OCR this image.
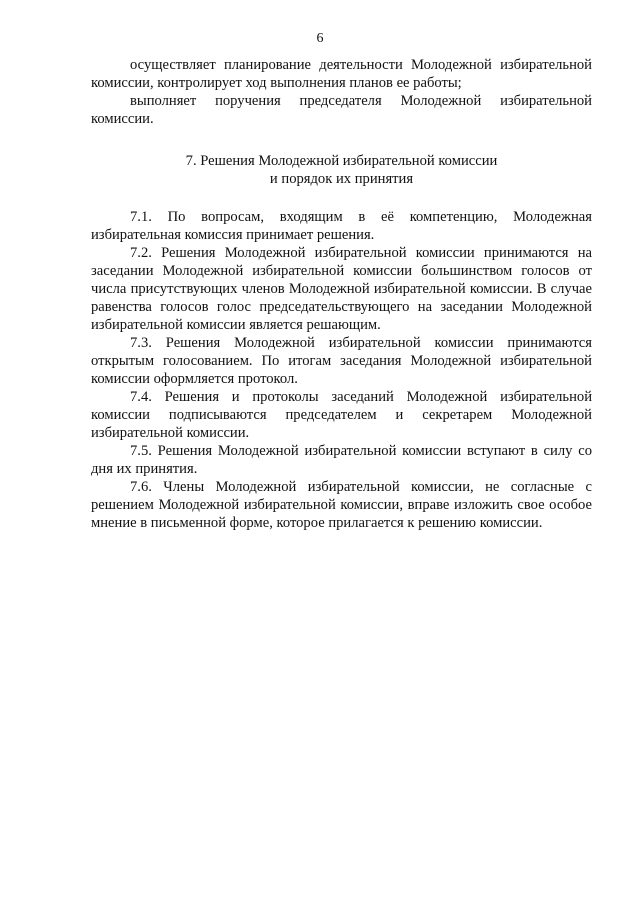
6

осуществляет планирование деятельности Молодежной избирательной комиссии, контролирует ход выполнения планов ее работы;

выполняет поручения председателя Молодежной избирательной комиссии.

7. Решения Молодежной избирательной комиссии
и порядок их принятия

7.1. По вопросам, входящим в её компетенцию, Молодежная избирательная комиссия принимает решения.

7.2. Решения Молодежной избирательной комиссии принимаются на заседании Молодежной избирательной комиссии большинством голосов от числа присутствующих членов Молодежной избирательной комиссии. В случае равенства голосов голос председательствующего на заседании Молодежной избирательной комиссии является решающим.

7.3. Решения Молодежной избирательной комиссии принимаются открытым голосованием. По итогам заседания Молодежной избирательной комиссии оформляется протокол.

7.4. Решения и протоколы заседаний Молодежной избирательной комиссии подписываются председателем и секретарем Молодежной избирательной комиссии.

7.5. Решения Молодежной избирательной комиссии вступают в силу со дня их принятия.

7.6. Члены Молодежной избирательной комиссии, не согласные с решением Молодежной избирательной комиссии, вправе изложить свое особое мнение в письменной форме, которое прилагается к решению комиссии.
